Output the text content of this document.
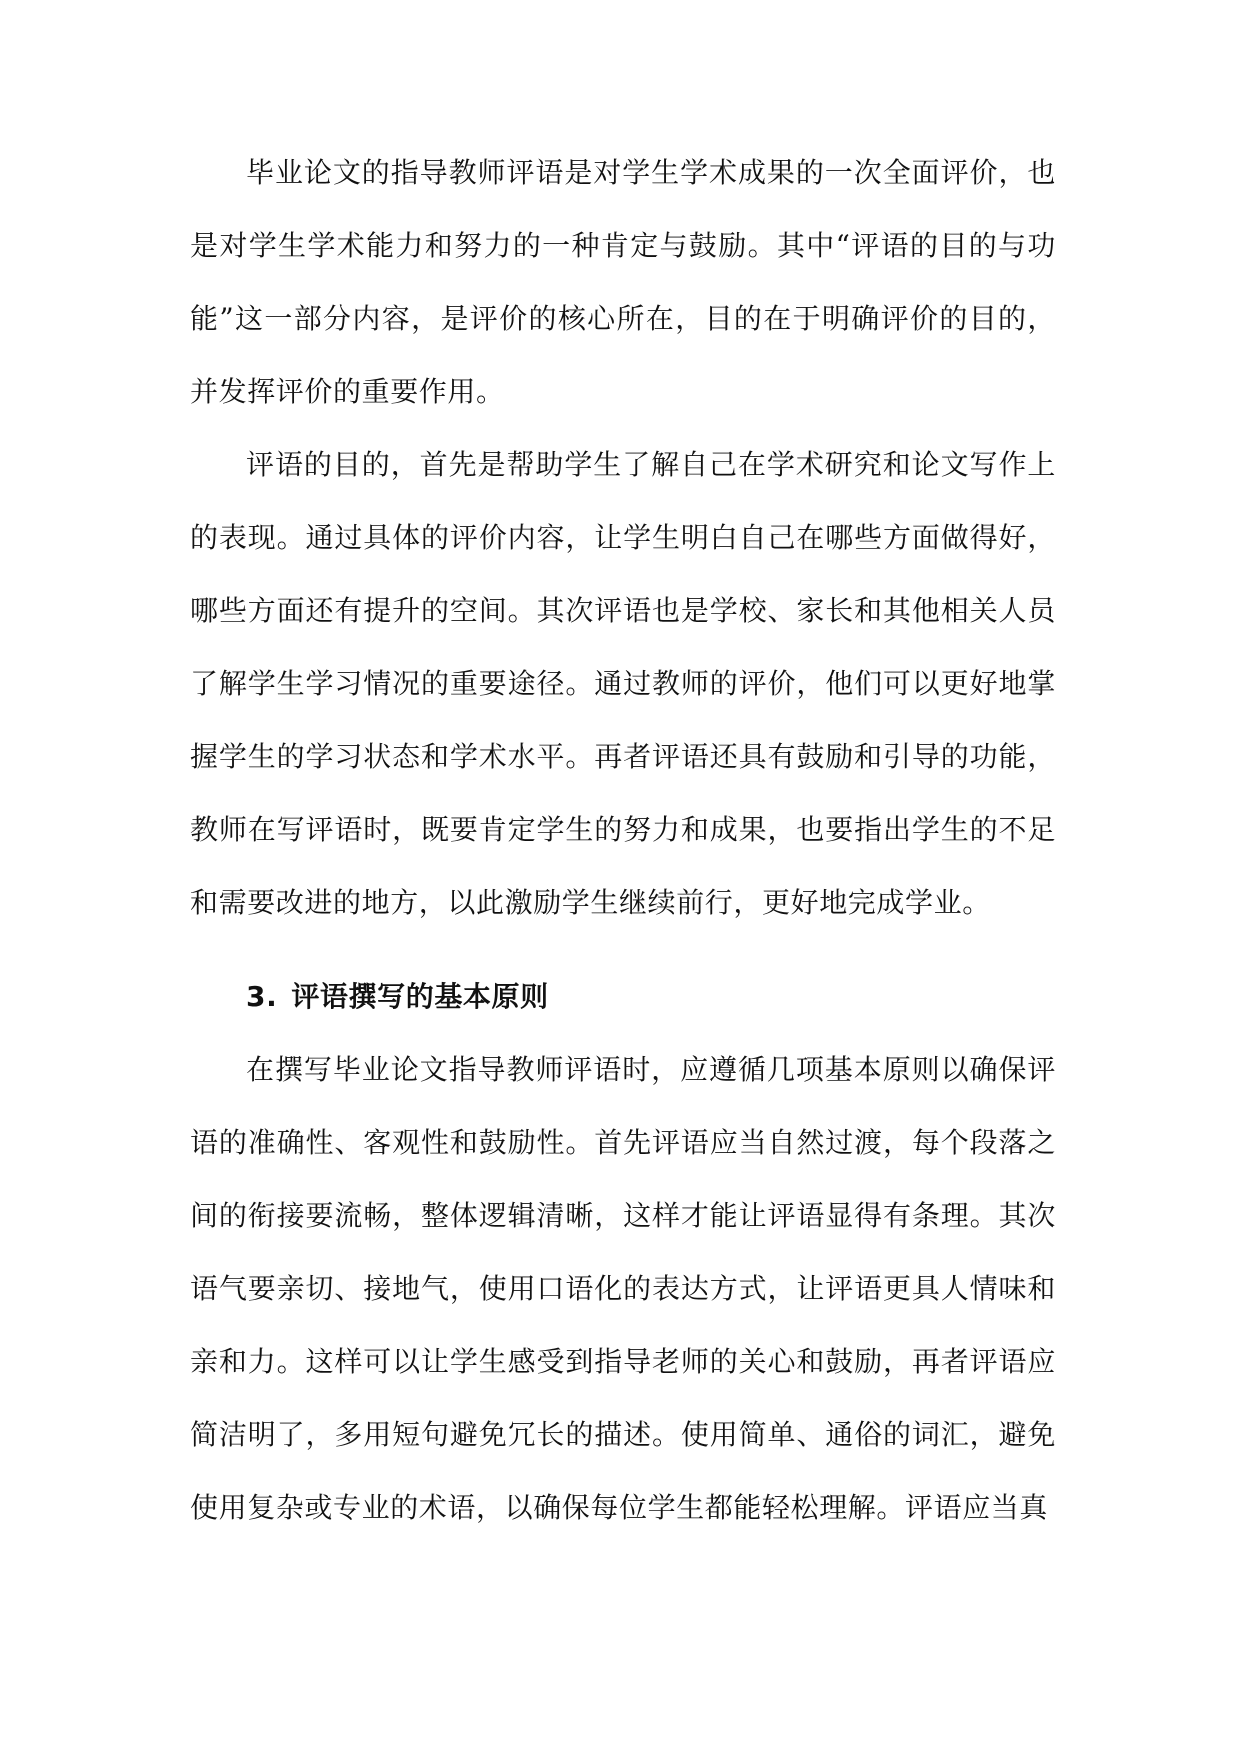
毕业论文的指导教师评语是对学生学术成果的一次全面评价，也是对学生学术能力和努力的一种肯定与鼓励。其中“评语的目的与功能”这一部分内容，是评价的核心所在，目的在于明确评价的目的，并发挥评价的重要作用。

评语的目的，首先是帮助学生了解自己在学术研究和论文写作上的表现。通过具体的评价内容，让学生明白自己在哪些方面做得好，哪些方面还有提升的空间。其次评语也是学校、家长和其他相关人员了解学生学习情况的重要途径。通过教师的评价，他们可以更好地掌握学生的学习状态和学术水平。再者评语还具有鼓励和引导的功能，教师在写评语时，既要肯定学生的努力和成果，也要指出学生的不足和需要改进的地方，以此激励学生继续前行，更好地完成学业。

3. 评语撰写的基本原则

在撰写毕业论文指导教师评语时，应遵循几项基本原则以确保评语的准确性、客观性和鼓励性。首先评语应当自然过渡，每个段落之间的衔接要流畅，整体逻辑清晰，这样才能让评语显得有条理。其次语气要亲切、接地气，使用口语化的表达方式，让评语更具人情味和亲和力。这样可以让学生感受到指导老师的关心和鼓励，再者评语应简洁明了，多用短句避免冗长的描述。使用简单、通俗的词汇，避免使用复杂或专业的术语，以确保每位学生都能轻松理解。评语应当真
